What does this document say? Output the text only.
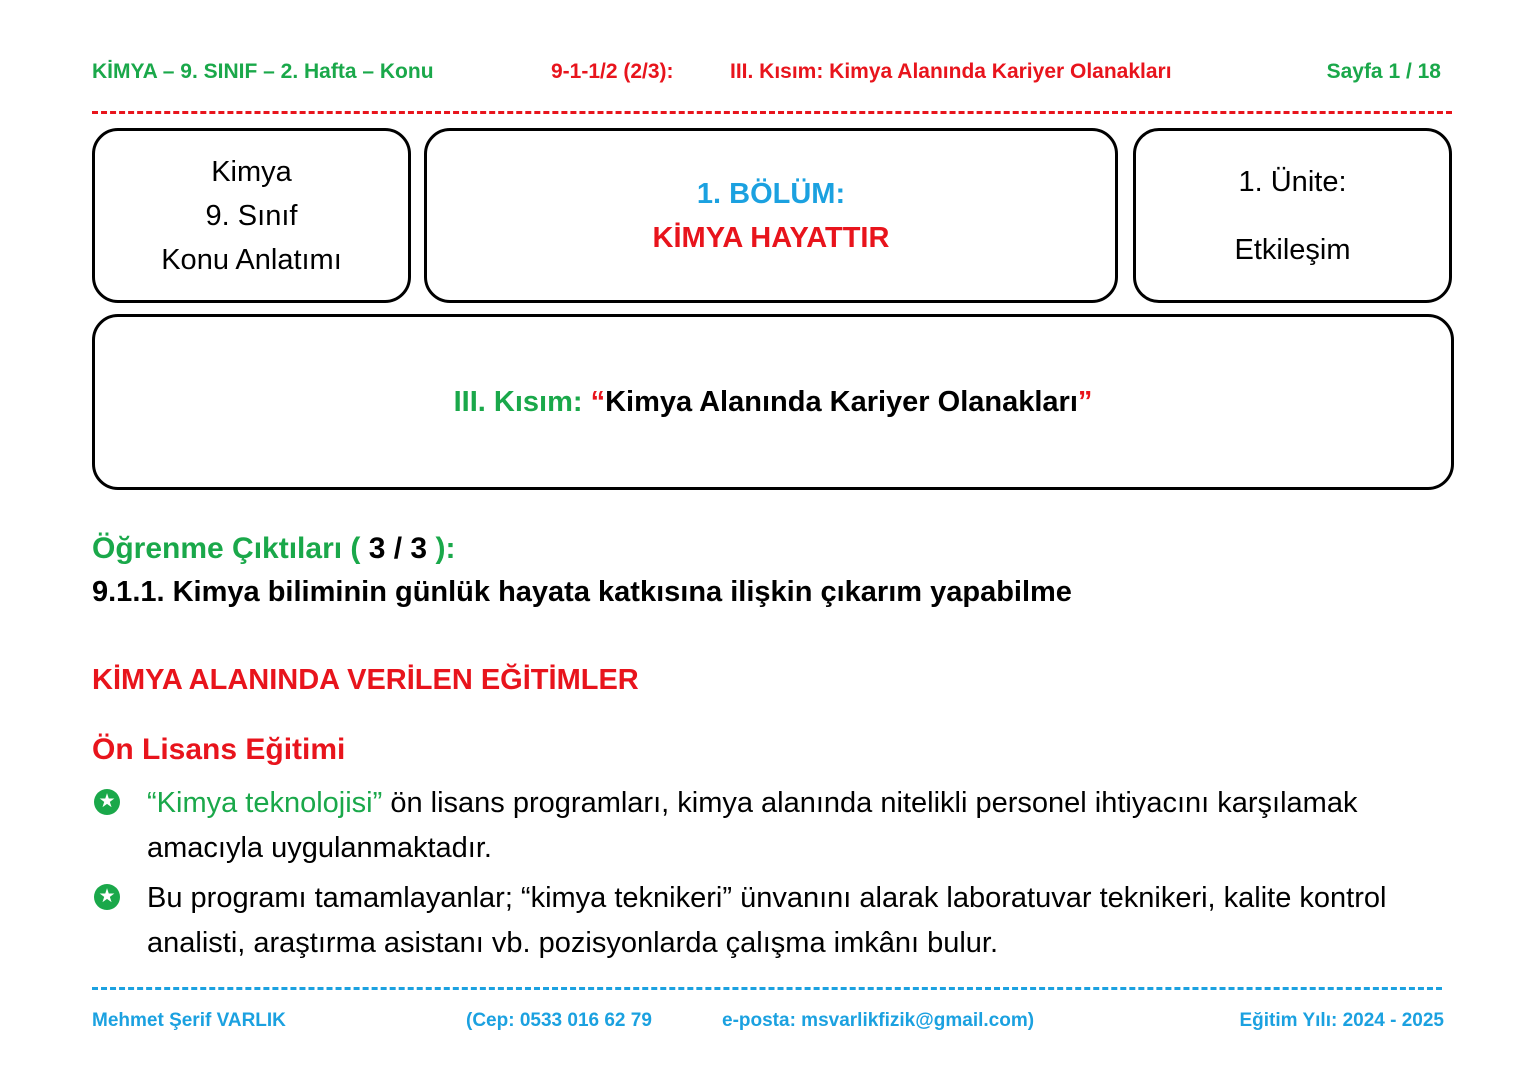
KİMYA – 9. SINIF – 2. Hafta – Konu	9-1-1/2 (2/3):	III. Kısım: Kimya Alanında Kariyer Olanakları	Sayfa 1 / 18
Kimya
9. Sınıf
Konu Anlatımı
1. BÖLÜM:
KİMYA HAYATTIR
1. Ünite:
Etkileşim
III. Kısım:
“ Kimya Alanında Kariyer Olanakları ”
Öğrenme Çıktıları ( 3 / 3 ):
9.1.1. Kimya biliminin günlük hayata katkısına ilişkin çıkarım yapabilme
KİMYA ALANINDA VERİLEN EĞİTİMLER
Ön Lisans Eğitimi
★ “Kimya teknolojisi” ön lisans programları, kimya alanında nitelikli personel ihtiyacını karşılamak amacıyla uygulanmaktadır.
★ Bu programı tamamlayanlar; “kimya teknikeri” ünvanını alarak laboratuvar teknikeri, kalite kontrol analisti, araştırma asistanı vb. pozisyonlarda çalışma imkânı bulur.
Mehmet Şerif VARLIK	(Cep: 0533 016 62 79	e-posta: msvarlikfizik@gmail.com)	Eğitim Yılı: 2024 - 2025
